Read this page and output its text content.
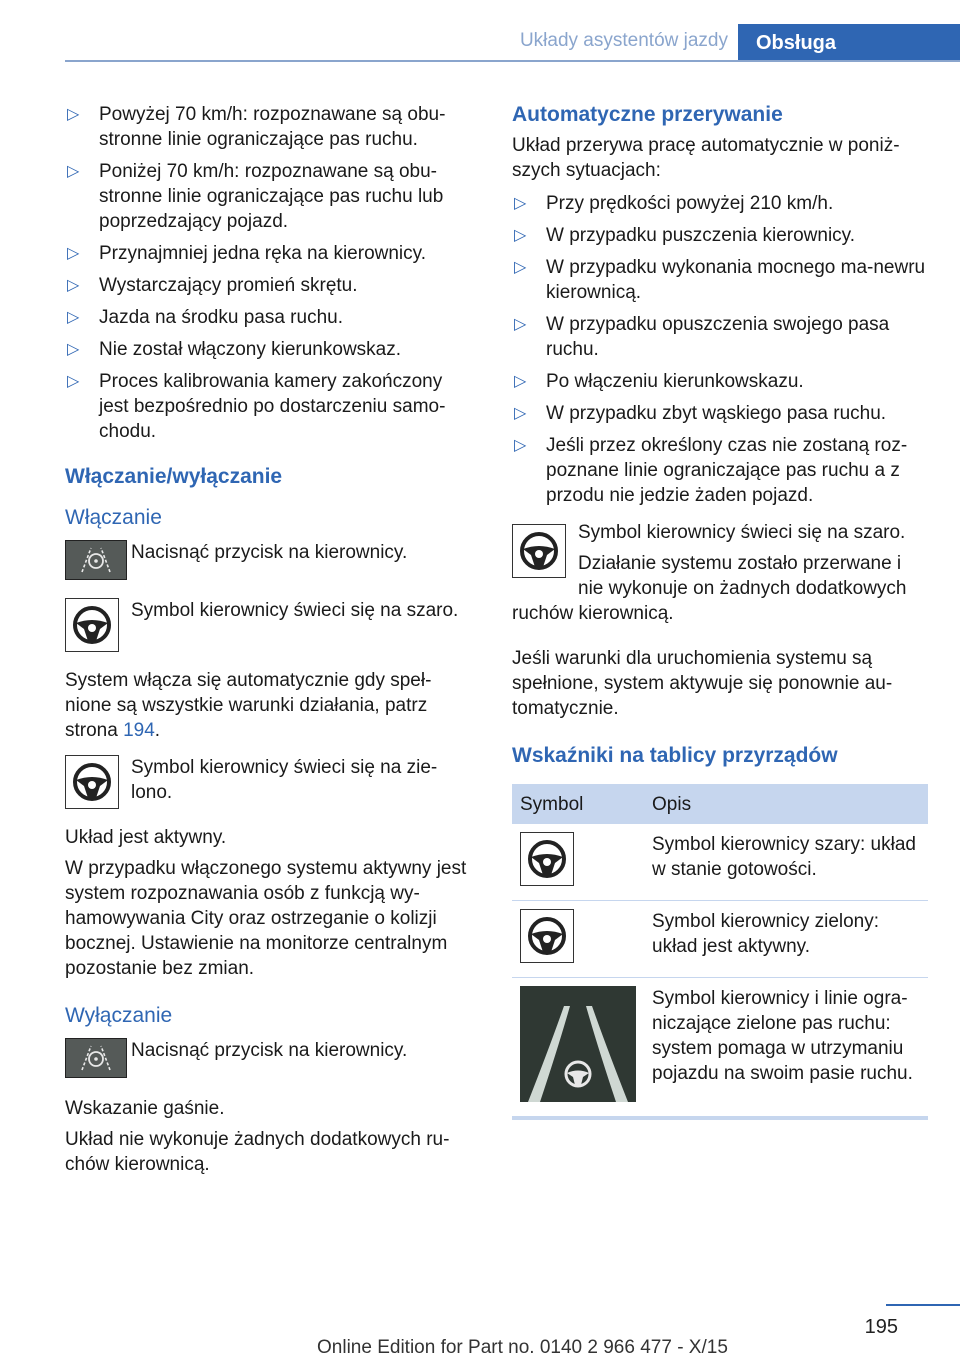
Układy asystentów jazdy	Obsługa
▷ Powyżej 70 km/h: rozpoznawane są obu‐stronne linie ograniczające pas ruchu.
▷ Poniżej 70 km/h: rozpoznawane są obu‐stronne linie ograniczające pas ruchu lub poprzedzający pojazd.
▷ Przynajmniej jedna ręka na kierownicy.
▷ Wystarczający promień skrętu.
▷ Jazda na środku pasa ruchu.
▷ Nie został włączony kierunkowskaz.
▷ Proces kalibrowania kamery zakończony jest bezpośrednio po dostarczeniu samo‐chodu.
Włączanie/wyłączanie
Włączanie
Nacisnąć przycisk na kierownicy.
Symbol kierownicy świeci się na szaro.

System włącza się automatycznie gdy speł‐nione są wszystkie warunki działania, patrz strona 194.

Symbol kierownicy świeci się na zie‐lono.

Układ jest aktywny.

W przypadku włączonego systemu aktywny jest system rozpoznawania osób z funkcją wy‐hamowywania City oraz ostrzeganie o kolizji bocznej. Ustawienie na monitorze centralnym pozostanie bez zmian.

Wyłączanie
Nacisnąć przycisk na kierownicy.

Wskazanie gaśnie.

Układ nie wykonuje żadnych dodatkowych ru‐chów kierownicą.

Automatyczne przerywanie

Układ przerywa pracę automatycznie w poniż‐szych sytuacjach:

▷ Przy prędkości powyżej 210 km/h.
▷ W przypadku puszczenia kierownicy.
▷ W przypadku wykonania mocnego ma‐newru kierownicą.
▷ W przypadku opuszczenia swojego pasa ruchu.
▷ Po włączeniu kierunkowskazu.
▷ W przypadku zbyt wąskiego pasa ruchu.
▷ Jeśli przez określony czas nie zostaną roz‐poznane linie ograniczające pas ruchu a z przodu nie jedzie żaden pojazd.

Symbol kierownicy świeci się na szaro.

Działanie systemu zostało przerwane i nie wykonuje on żadnych dodatkowych ruchów kierownicą.

Jeśli warunki dla uruchomienia systemu są spełnione, system aktywuje się ponownie au‐tomatycznie.

Wskaźniki na tablicy przyrządów
Symbol	Opis

	Symbol kierownicy szary: układ w stanie gotowości.

	Symbol kierownicy zielony: układ jest aktywny.

	Symbol kierownicy i linie ogra‐niczające zielone pas ruchu: system pomaga w utrzymaniu pojazdu na swoim pasie ruchu.
195
Online Edition for Part no. 0140 2 966 477 - X/15
